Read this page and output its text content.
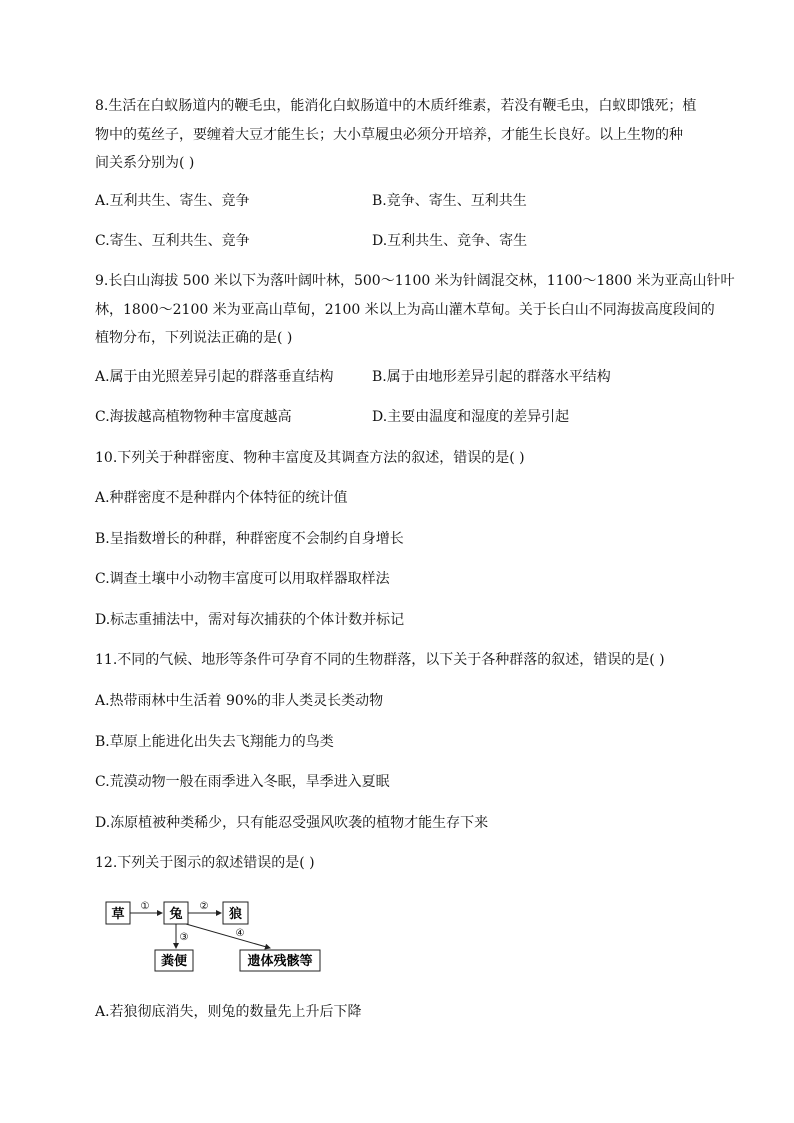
8.生活在白蚁肠道内的鞭毛虫，能消化白蚁肠道中的木质纤维素，若没有鞭毛虫，白蚁即饿死；植
物中的菟丝子，要缠着大豆才能生长；大小草履虫必须分开培养，才能生长良好。以上生物的种
间关系分别为( )
A.互利共生、寄生、竞争	B.竞争、寄生、互利共生
C.寄生、互利共生、竞争	D.互利共生、竞争、寄生
9.长白山海拔 500 米以下为落叶阔叶林，500～1100 米为针阔混交林，1100～1800 米为亚高山针叶
林，1800～2100 米为亚高山草甸，2100 米以上为高山灌木草甸。关于长白山不同海拔高度段间的
植物分布，下列说法正确的是( )
A.属于由光照差异引起的群落垂直结构	B.属于由地形差异引起的群落水平结构
C.海拔越高植物物种丰富度越高	D.主要由温度和湿度的差异引起
10.下列关于种群密度、物种丰富度及其调查方法的叙述，错误的是( )
A.种群密度不是种群内个体特征的统计值
B.呈指数增长的种群，种群密度不会制约自身增长
C.调查土壤中小动物丰富度可以用取样器取样法
D.标志重捕法中，需对每次捕获的个体计数并标记
11.不同的气候、地形等条件可孕育不同的生物群落，以下关于各种群落的叙述，错误的是( )
A.热带雨林中生活着 90%的非人类灵长类动物
B.草原上能进化出失去飞翔能力的鸟类
C.荒漠动物一般在雨季进入冬眠，旱季进入夏眠
D.冻原植被种类稀少，只有能忍受强风吹袭的植物才能生存下来
12.下列关于图示的叙述错误的是( )
草	兔	狼
粪便	遗体残骸等
①	②
③	④
A.若狼彻底消失，则兔的数量先上升后下降
